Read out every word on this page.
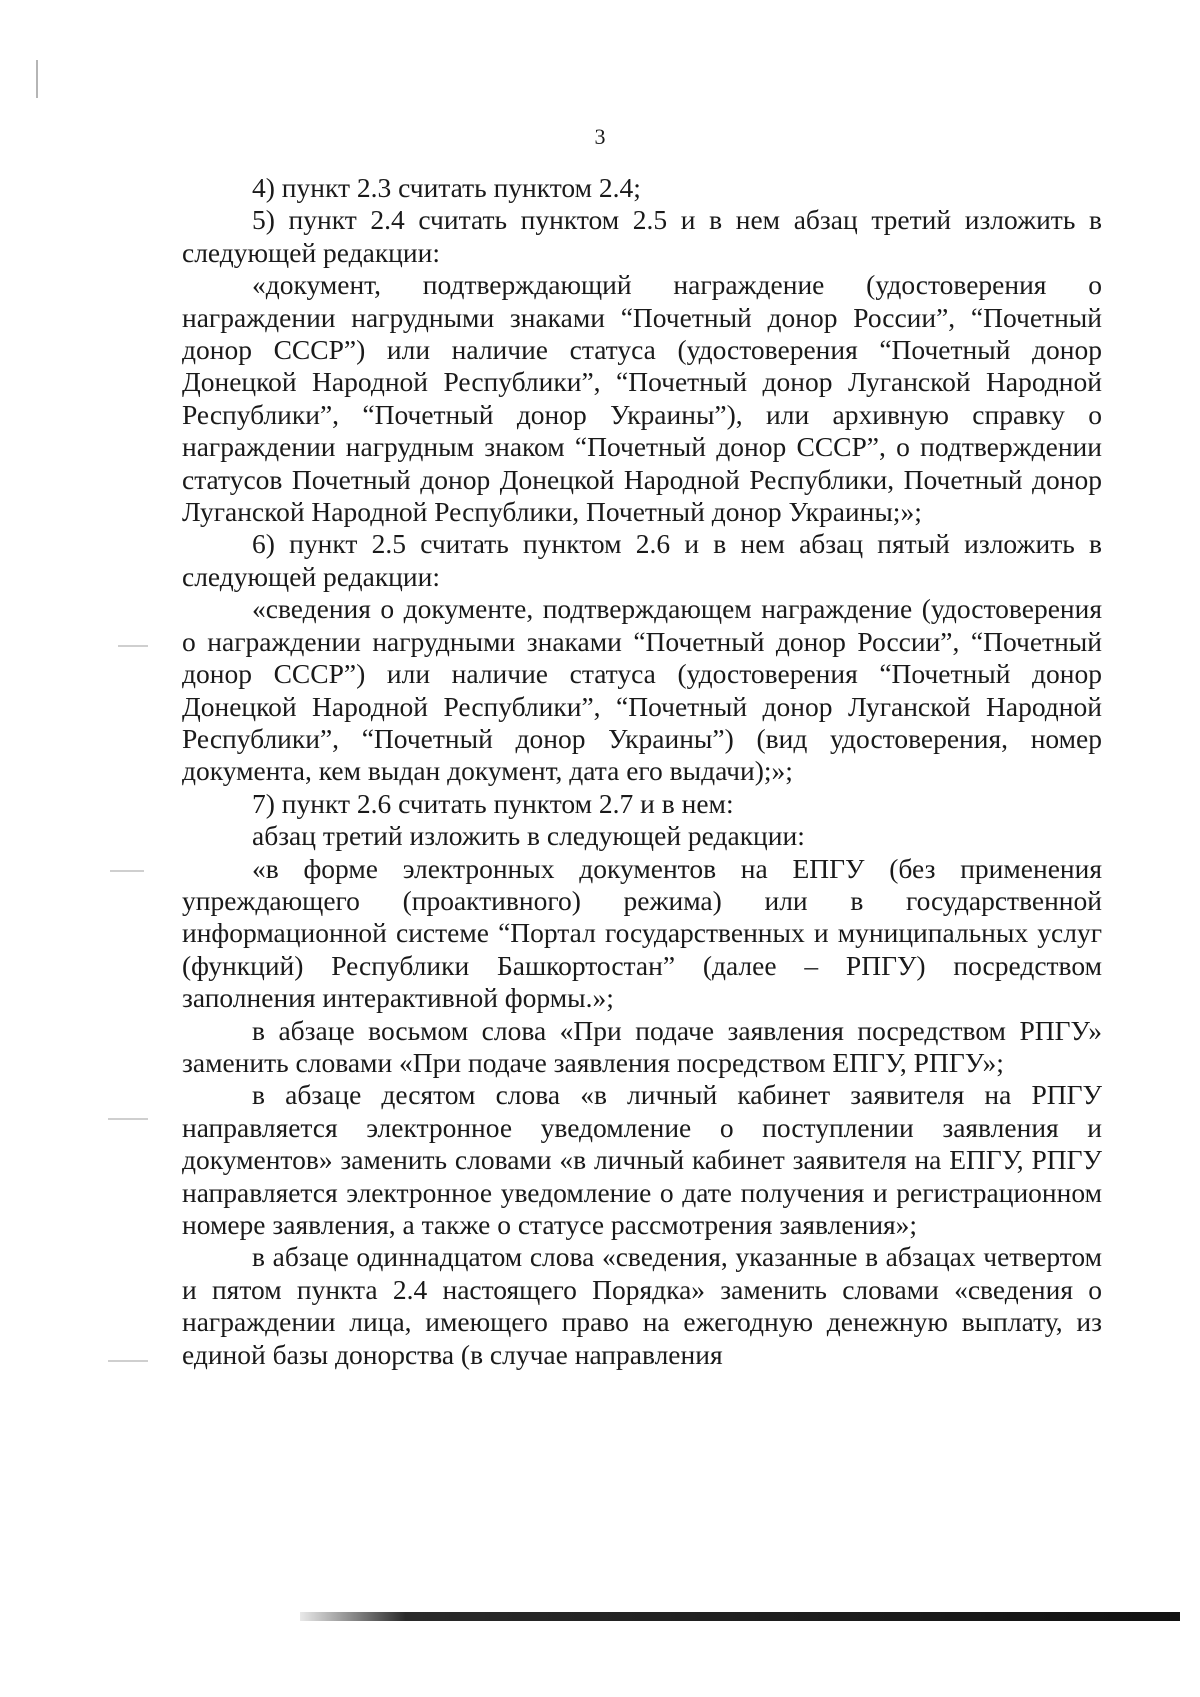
3

4) пункт 2.3 считать пунктом 2.4;

5) пункт 2.4 считать пунктом 2.5 и в нем абзац третий изложить в следующей редакции:

«документ, подтверждающий награждение (удостоверения о награждении нагрудными знаками “Почетный донор России”, “Почетный донор СССР”) или наличие статуса (удостоверения “Почетный донор Донецкой Народной Республики”, “Почетный донор Луганской Народной Республики”, “Почетный донор Украины”), или архивную справку о награждении нагрудным знаком “Почетный донор СССР”, о подтверждении статусов Почетный донор Донецкой Народной Республики, Почетный донор Луганской Народной Республики, Почетный донор Украины;»;

6) пункт 2.5 считать пунктом 2.6 и в нем абзац пятый изложить в следующей редакции:

«сведения о документе, подтверждающем награждение (удостоверения о награждении нагрудными знаками “Почетный донор России”, “Почетный донор СССР”) или наличие статуса (удостоверения “Почетный донор Донецкой Народной Республики”, “Почетный донор Луганской Народной Республики”, “Почетный донор Украины”) (вид удостоверения, номер документа, кем выдан документ, дата его выдачи);»;

7) пункт 2.6 считать пунктом 2.7 и в нем:

абзац третий изложить в следующей редакции:

«в форме электронных документов на ЕПГУ (без применения упреждающего (проактивного) режима) или в государственной информационной системе “Портал государственных и муниципальных услуг (функций) Республики Башкортостан” (далее – РПГУ) посредством заполнения интерактивной формы.»;

в абзаце восьмом слова «При подаче заявления посредством РПГУ» заменить словами «При подаче заявления посредством ЕПГУ, РПГУ»;

в абзаце десятом слова «в личный кабинет заявителя на РПГУ направляется электронное уведомление о поступлении заявления и документов» заменить словами «в личный кабинет заявителя на ЕПГУ, РПГУ направляется электронное уведомление о дате получения и регистрационном номере заявления, а также о статусе рассмотрения заявления»;

в абзаце одиннадцатом слова «сведения, указанные в абзацах четвертом и пятом пункта 2.4 настоящего Порядка» заменить словами «сведения о награждении лица, имеющего право на ежегодную денежную выплату, из единой базы донорства (в случае направления
